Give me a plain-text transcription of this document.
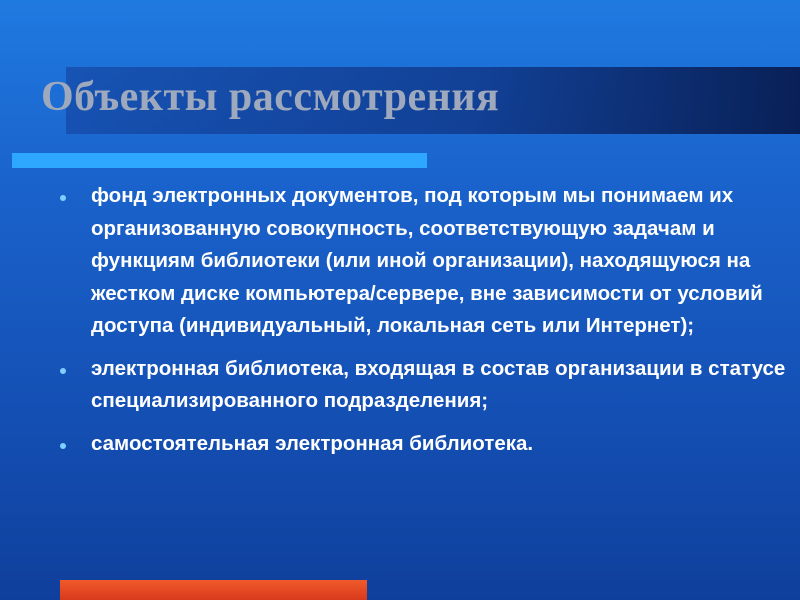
Объекты рассмотрения
фонд электронных документов, под которым мы понимаем их организованную совокупность, соответствующую задачам и функциям библиотеки (или иной организации), находящуюся на жестком диске компьютера/сервере, вне зависимости от условий доступа (индивидуальный, локальная сеть или Интернет);
электронная библиотека, входящая в состав организации в статусе специализированного подразделения;
самостоятельная электронная библиотека.
